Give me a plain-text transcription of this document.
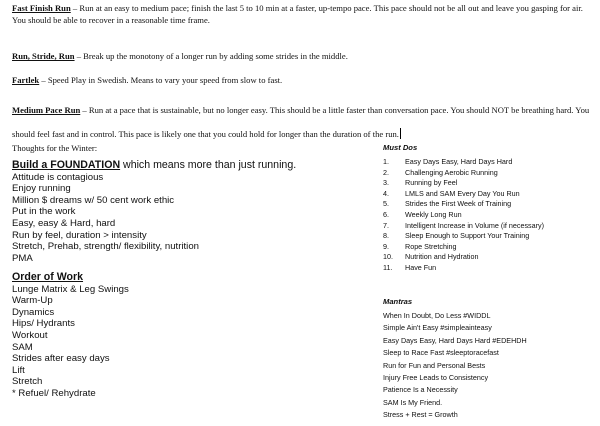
Fast Finish Run – Run at an easy to medium pace; finish the last 5 to 10 min at a faster, up-tempo pace. This pace should not be all out and leave you gasping for air. You should be able to recover in a reasonable time frame.
Run, Stride, Run – Break up the monotony of a longer run by adding some strides in the middle.
Fartlek – Speed Play in Swedish. Means to vary your speed from slow to fast.
Medium Pace Run – Run at a pace that is sustainable, but no longer easy. This should be a little faster than conversation pace. You should NOT be breathing hard. You should feel fast and in control. This pace is likely one that you could hold for longer than the duration of the run.
Thoughts for the Winter:
Build a FOUNDATION which means more than just running.
Attitude is contagious
Enjoy running
Million $ dreams w/ 50 cent work ethic
Put in the work
Easy, easy & Hard, hard
Run by feel, duration > intensity
Stretch, Prehab, strength/ flexibility, nutrition
PMA
Order of Work
Lunge Matrix & Leg Swings
Warm-Up
Dynamics
Hips/ Hydrants
Workout
SAM
Strides after easy days
Lift
Stretch
* Refuel/ Rehydrate
Must Dos
1.	Easy Days Easy, Hard Days Hard
2.	Challenging Aerobic Running
3.	Running by Feel
4.	LMLS and SAM Every Day You Run
5.	Strides the First Week of Training
6.	Weekly Long Run
7.	Intelligent Increase in Volume (if necessary)
8.	Sleep Enough to Support Your Training
9.	Rope Stretching
10.	Nutrition and Hydration
11.	Have Fun
Mantras
When In Doubt, Do Less #WIDDL
Simple Ain't Easy #simpleainteasy
Easy Days Easy, Hard Days Hard #EDEHDH
Sleep to Race Fast #sleeptoracefast
Run for Fun and Personal Bests
Injury Free Leads to Consistency
Patience Is a Necessity
SAM Is My Friend.
Stress + Rest = Growth
